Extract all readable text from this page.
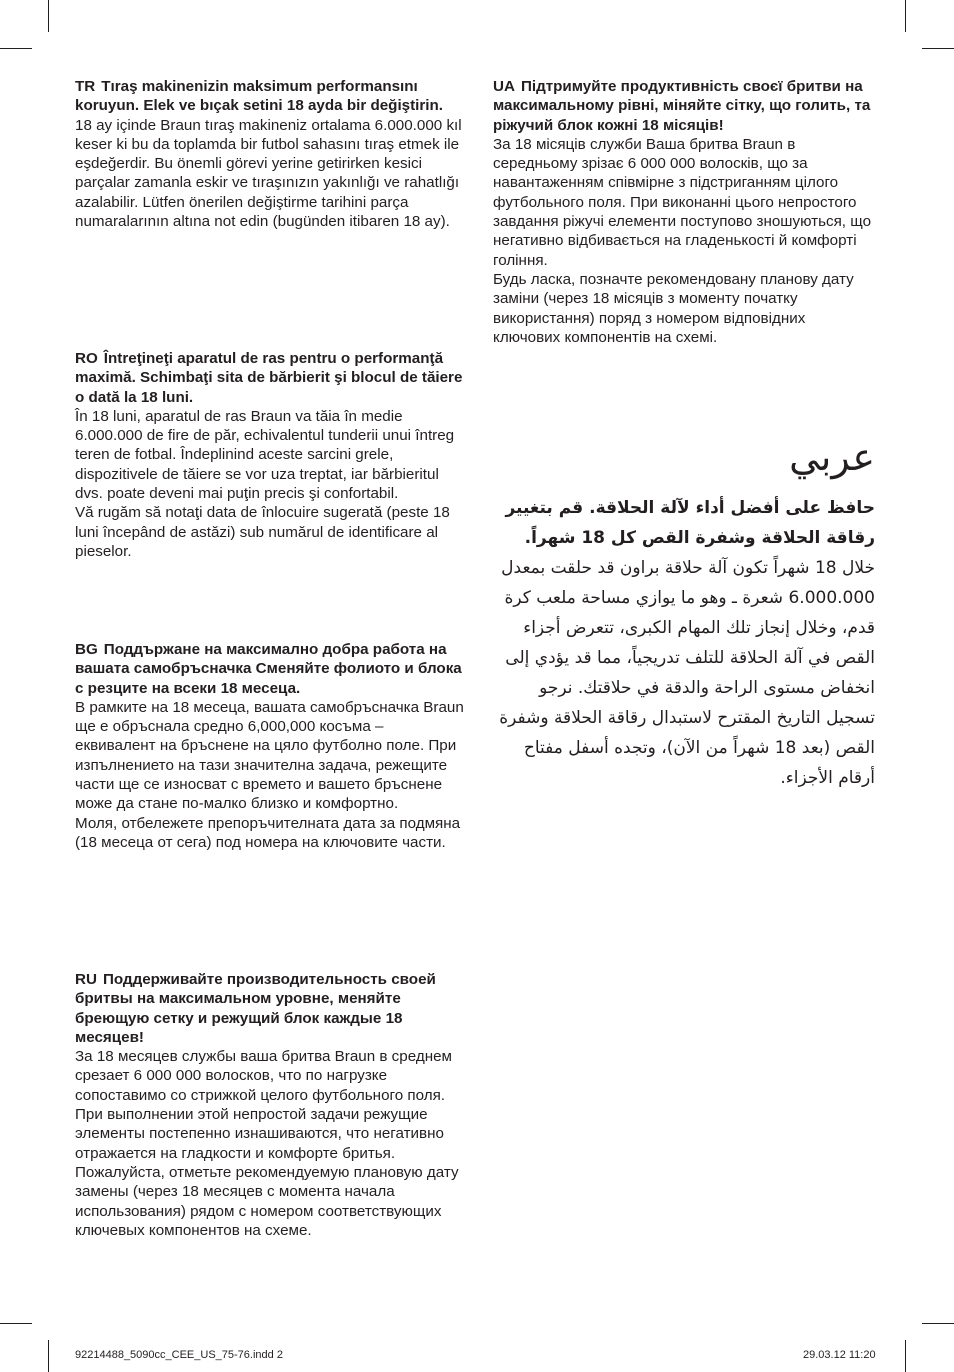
TR Tıraş makinenizin maksimum performansını koruyun. Elek ve bıçak setini 18 ayda bir değiştirin.

18 ay içinde Braun tıraş makineniz ortalama 6.000.000 kıl keser ki bu da toplamda bir futbol sahasını tıraş etmek ile eşdeğerdir. Bu önemli görevi yerine getirirken kesici parçalar zamanla eskir ve tıraşınızın yakınlığı ve rahatlığı azalabilir. Lütfen önerilen değiştirme tarihini parça numaralarının altına not edin (bugünden itibaren 18 ay).

RO Întreţineţi aparatul de ras pentru o performanţă maximă. Schimbaţi sita de bărbierit şi blocul de tăiere o dată la 18 luni.

În 18 luni, aparatul de ras Braun va tăia în medie 6.000.000 de fire de păr, echivalentul tunderii unui întreg teren de fotbal. Îndeplinind aceste sarcini grele, dispozitivele de tăiere se vor uza treptat, iar bărbieritul dvs. poate deveni mai puţin precis şi confortabil.

Vă rugăm să notaţi data de înlocuire sugerată (peste 18 luni începând de astăzi) sub numărul de identificare al pieselor.

BG Поддържане на максимално добра работа на вашата самобръсначка Сменяйте фолиото и блока с резците на всеки 18 месеца.

В рамките на 18 месеца, вашата самобръсначка Braun ще е обръснала средно 6,000,000 косъма – еквивалент на бръснене на цяло футболно поле. При изпълнението на тази значителна задача, режещите части ще се износват с времето и вашето бръснене може да стане по-малко близко и комфортно.

Моля, отбележете препоръчителната дата за подмяна (18 месеца от сега) под номера на ключовите части.

RU Поддерживайте производительность своей бритвы на максимальном уровне, меняйте бреющую сетку и режущий блок каждые 18 месяцев!

За 18 месяцев службы ваша бритва Braun в среднем срезает 6 000 000 волосков, что по нагрузке сопоставимо со стрижкой целого футбольного поля. При выполнении этой непростой задачи режущие элементы постепенно изнашиваются, что негативно отражается на гладкости и комфорте бритья.

Пожалуйста, отметьте рекомендуемую плановую дату замены (через 18 месяцев с момента начала использования) рядом с номером соответствующих ключевых компонентов на схеме.

UA Підтримуйте продуктивність своєї бритви на максимальному рівні, міняйте сітку, що голить, та ріжучий блок кожні 18 місяців!

За 18 місяців служби Ваша бритва Braun в середньому зрізає 6 000 000 волосків, що за навантаженням співмірне з підстриганням цілого футбольного поля. При виконанні цього непростого завдання ріжучі елементи поступово зношуються, що негативно відбивається на гладенькості й комфорті гоління.

Будь ласка, позначте рекомендовану планову дату заміни (через 18 місяців з моменту початку використання) поряд з номером відповідних ключових компонентів на схемі.

عربي

حافظ على أفضل أداء لآلة الحلاقة. قم بتغيير رقاقة الحلاقة وشفرة القص كل 18 شهراً.

خلال 18 شهراً تكون آلة حلاقة براون قد حلقت بمعدل 6.000.000 شعرة ـ وهو ما يوازي مساحة ملعب كرة قدم، وخلال إنجاز تلك المهام الكبرى، تتعرض أجزاء القص في آلة الحلاقة للتلف تدريجياً، مما قد يؤدي إلى انخفاض مستوى الراحة والدقة في حلاقتك. نرجو تسجيل التاريخ المقترح لاستبدال رقاقة الحلاقة وشفرة القص (بعد 18 شهراً من الآن)، وتجده أسفل مفتاح أرقام الأجزاء.

92214488_5090cc_CEE_US_75-76.indd 2	29.03.12 11:20
